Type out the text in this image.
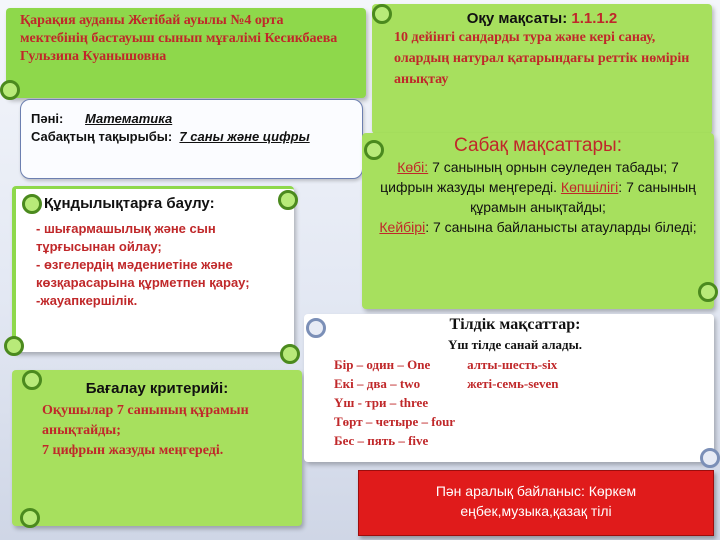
Қарақия ауданы Жетібай ауылы №4 орта мектебінің бастауыш сынып мұғалімі Кесикбаева Гульзипа Куанышовна
Пәні: Математика
Сабақтың тақырыбы: 7 саны және цифры
Құндылықтарға баулу:
- шығармашылық және сын тұрғысынан ойлау;
- өзгелердің мәдениетіне және көзқарасарына құрметпен қарау;
-жауапкершілік.
Бағалау критерийі:
Оқушылар 7 санының құрамын анықтайды;
7 цифрын жазуды меңгереді.
Оқу мақсаты: 1.1.1.2
10 дейінгі сандарды тура және кері санау, олардың натурал қатарындағы реттік нөмірін анықтау
Сабақ мақсаттары:
Көбі: 7 санының орнын сәуледен табады; 7 цифрын жазуды меңгереді. Көпшілігі: 7 санының құрамын анықтайды;
Кейбірі: 7 санына байланысты атауларды біледі;
Тілдік мақсаттар:
Үш тілде санай алады.
Бір – один – One	алты-шесть-six
Екі – два – two	жеті-семь-seven
Үш - три – three	
Төрт – четыре – four	
Бес – пять – five	
Пән аралық байланыс: Көркем еңбек,музыка,қазақ тілі
